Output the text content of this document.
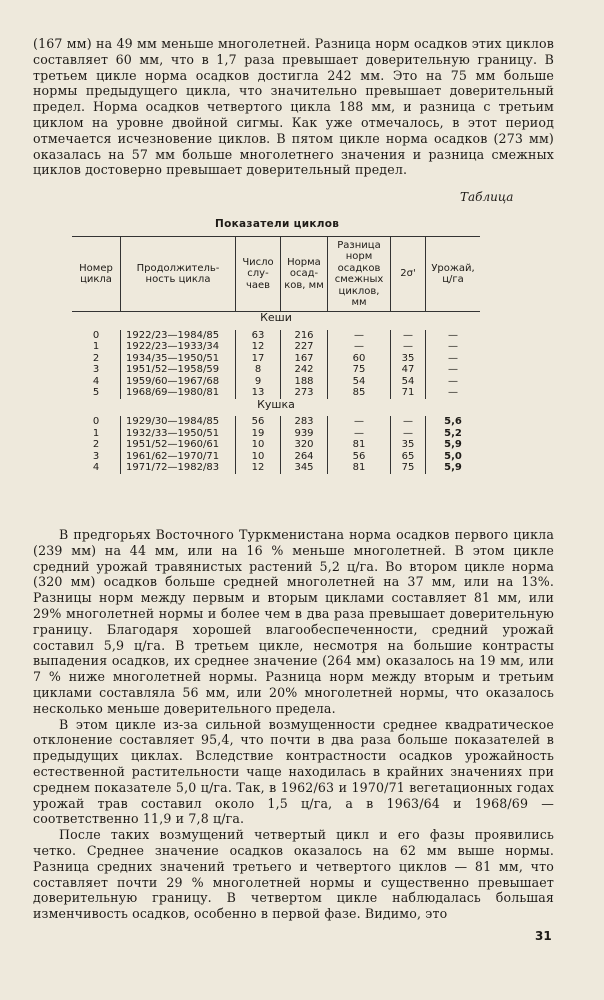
(167 мм) на 49 мм меньше многолетней. Разница норм осадков этих циклов составляет 60 мм, что в 1,7 раза превышает доверительную границу. В третьем цикле норма осадков достигла 242 мм. Это на 75 мм больше нормы предыдущего цикла, что значительно превышает доверительный предел. Норма осадков четвертого цикла 188 мм, и разница с третьим циклом на уровне двойной сигмы. Как уже отмечалось, в этот период отмечается исчезновение циклов. В пятом цикле норма осадков (273 мм) оказалась на 57 мм больше многолетнего значения и разница смежных циклов достоверно превышает доверительный предел.

Таблица
Показатели циклов
Номер цикла	Продолжитель-ность цикла	Число слу-чаев	Норма осад-ков, мм	Разница норм осадков смежных циклов, мм	2σ'	Урожай, ц/га
Кеши						

0	1922/23—1984/85	63	216	—	—	—
1	1922/23—1933/34	12	227	—	—	—
2	1934/35—1950/51	17	167	60	35	—
3	1951/52—1958/59	8	242	75	47	—
4	1959/60—1967/68	9	188	54	54	—
5	1968/69—1980/81	13	273	85	71	—
Кушка						

0	1929/30—1984/85	56	283	—	—	5,6
1	1932/33—1950/51	19	939	—	—	5,2
2	1951/52—1960/61	10	320	81	35	5,9
3	1961/62—1970/71	10	264	56	65	5,0
4	1971/72—1982/83	12	345	81	75	5,9

В предгорьях Восточного Туркменистана норма осадков первого цикла (239 мм) на 44 мм, или на 16 % меньше многолетней. В этом цикле средний урожай травянистых растений 5,2 ц/га. Во втором цикле норма (320 мм) осадков больше средней многолетней на 37 мм, или на 13%. Разницы норм между первым и вторым циклами составляет 81 мм, или 29% многолетней нормы и более чем в два раза превышает доверительную границу. Благодаря хорошей влагообеспеченности, средний урожай составил 5,9 ц/га. В третьем цикле, несмотря на большие контрасты выпадения осадков, их среднее значение (264 мм) оказалось на 19 мм, или 7 % ниже многолетней нормы. Разница норм между вторым и третьим циклами составляла 56 мм, или 20% многолетней нормы, что оказалось несколько меньше доверительного предела.

В этом цикле из-за сильной возмущенности среднее квадратическое отклонение составляет 95,4, что почти в два раза больше показателей в предыдущих циклах. Вследствие контрастности осадков урожайность естественной растительности чаще находилась в крайних значениях при среднем показателе 5,0 ц/га. Так, в 1962/63 и 1970/71 вегетационных годах урожай трав составил около 1,5 ц/га, а в 1963/64 и 1968/69 — соответственно 11,9 и 7,8 ц/га.

После таких возмущений четвертый цикл и его фазы проявились четко. Среднее значение осадков оказалось на 62 мм выше нормы. Разница средних значений третьего и четвертого циклов — 81 мм, что составляет почти 29 % многолетней нормы и существенно превышает доверительную границу. В четвертом цикле наблюдалась большая изменчивость осадков, особенно в первой фазе. Видимо, это

31
